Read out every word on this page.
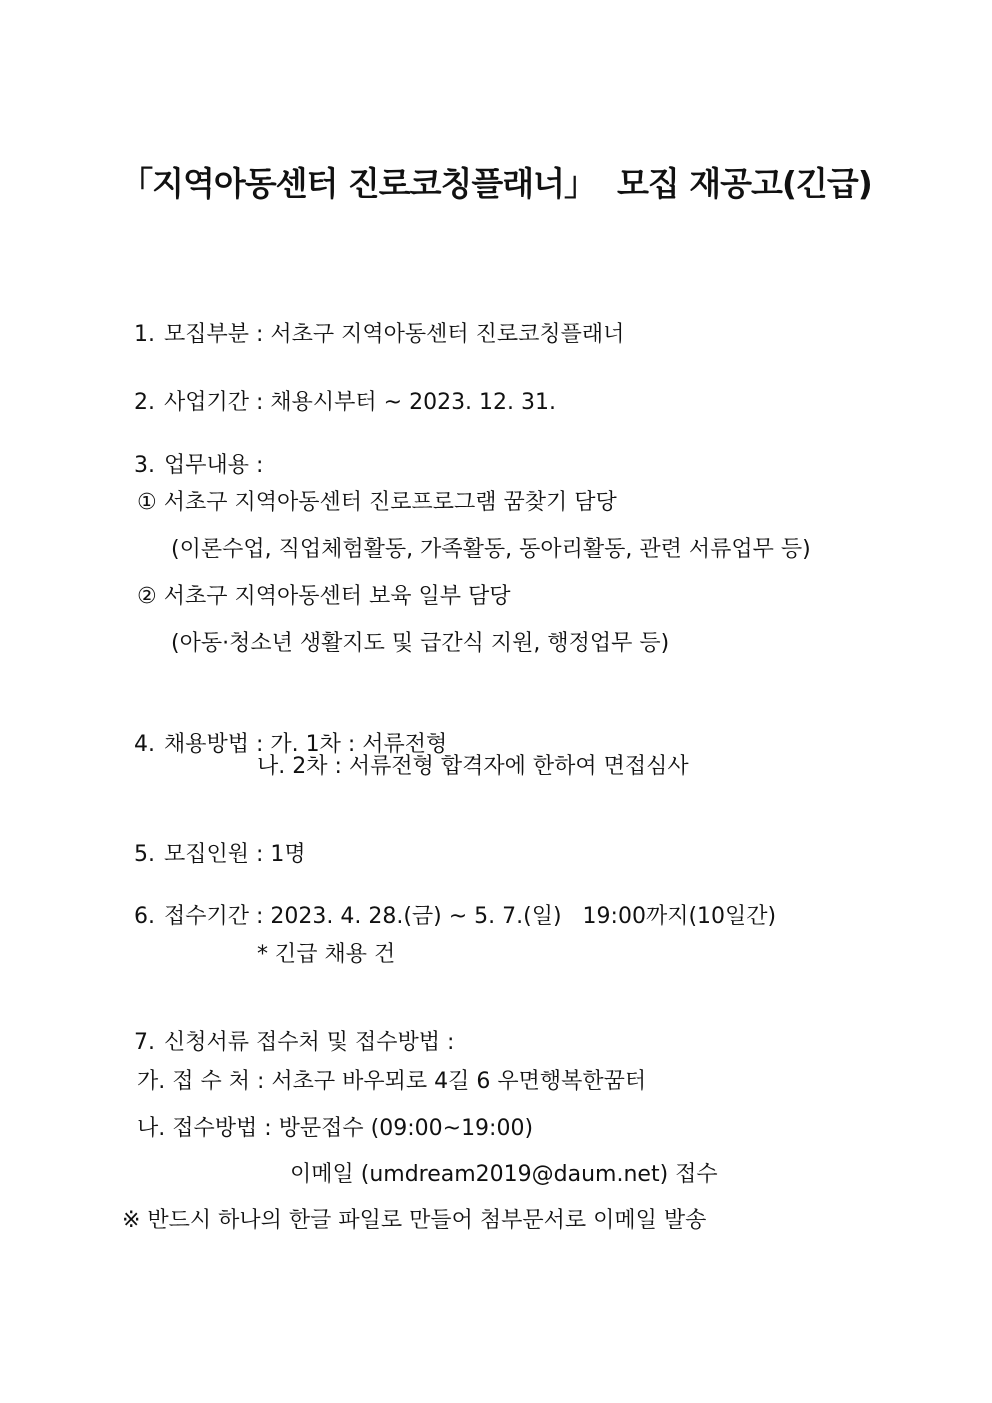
「지역아동센터 진로코칭플래너」  모집 재공고(긴급)

1. 모집부분 : 서초구 지역아동센터 진로코칭플래너

2. 사업기간 : 채용시부터 ~ 2023. 12. 31.

3. 업무내용 :

① 서초구 지역아동센터 진로프로그램 꿈찾기 담당
(이론수업, 직업체험활동, 가족활동, 동아리활동, 관련 서류업무 등)
② 서초구 지역아동센터 보육 일부 담당
(아동·청소년 생활지도 및 급간식 지원, 행정업무 등)

4. 채용방법 : 가. 1차 : 서류전형

나. 2차 : 서류전형 합격자에 한하여 면접심사

5. 모집인원 : 1명

6. 접수기간 : 2023. 4. 28.(금) ~ 5. 7.(일)   19:00까지(10일간)

* 긴급 채용 건

7. 신청서류 접수처 및 접수방법 :

가. 접 수 처 : 서초구 바우뫼로 4길 6 우면행복한꿈터
나. 접수방법 : 방문접수 (09:00~19:00)
이메일 (umdream2019@daum.net) 접수
※ 반드시 하나의 한글 파일로 만들어 첨부문서로 이메일 발송
